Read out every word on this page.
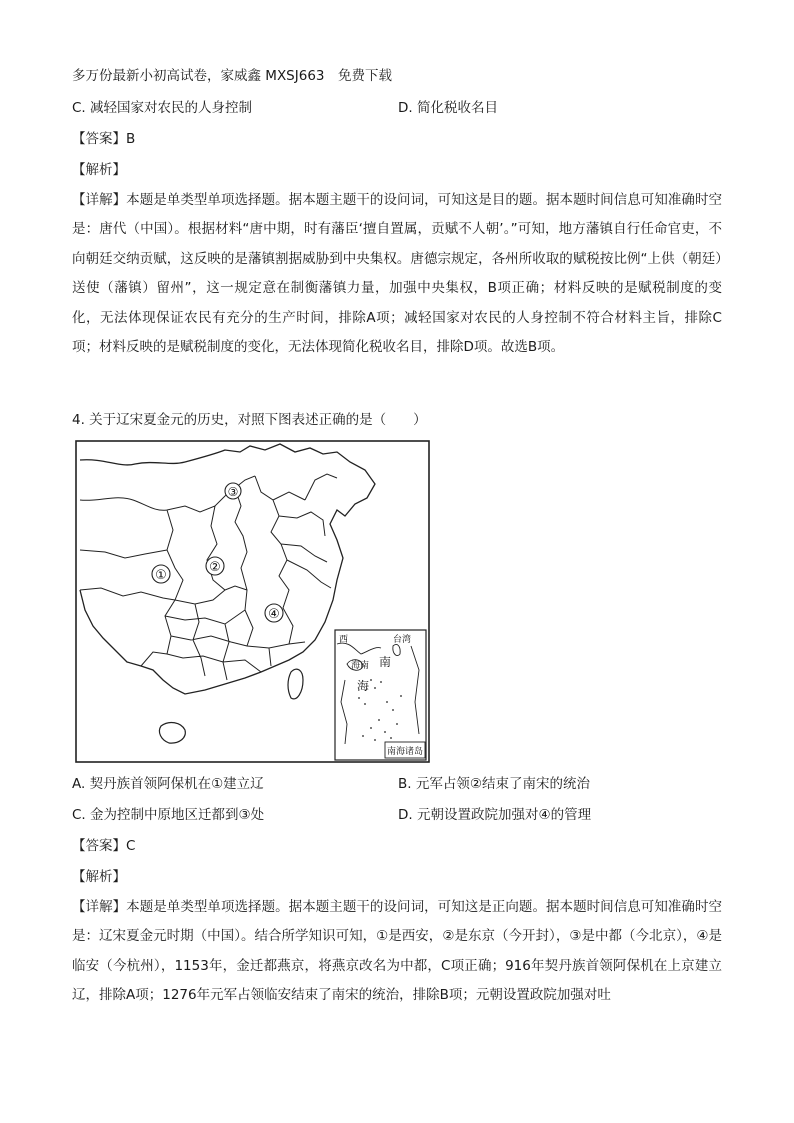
多万份最新小初高试卷，家威鑫 MXSJ663　免费下载
C. 减轻国家对农民的人身控制	D. 简化税收名目
【答案】B
【解析】
【详解】本题是单类型单项选择题。据本题主题干的设问词，可知这是目的题。据本题时间信息可知准确时空是：唐代（中国）。根据材料“唐中期，时有藩臣‘擅自置属，贡赋不人朝’。”可知，地方藩镇自行任命官吏，不向朝廷交纳贡赋，这反映的是藩镇割据威胁到中央集权。唐德宗规定，各州所收取的赋税按比例“上供（朝廷）送使（藩镇）留州”，这一规定意在制衡藩镇力量，加强中央集权，B项正确；材料反映的是赋税制度的变化，无法体现保证农民有充分的生产时间，排除A项；减轻国家对农民的人身控制不符合材料主旨，排除C项；材料反映的是赋税制度的变化，无法体现简化税收名目，排除D项。故选B项。
4. 关于辽宋夏金元的历史，对照下图表述正确的是（　　）
①
②
③
④
西	台湾
海南 南
海
南海诸岛
A. 契丹族首领阿保机在①建立辽	B. 元军占领②结束了南宋的统治
C. 金为控制中原地区迁都到③处	D. 元朝设置政院加强对④的管理
【答案】C
【解析】
【详解】本题是单类型单项选择题。据本题主题干的设问词，可知这是正向题。据本题时间信息可知准确时空是：辽宋夏金元时期（中国）。结合所学知识可知，①是西安，②是东京（今开封），③是中都（今北京），④是临安（今杭州），1153年，金迁都燕京，将燕京改名为中都，C项正确；916年契丹族首领阿保机在上京建立辽，排除A项；1276年元军占领临安结束了南宋的统治，排除B项；元朝设置政院加强对吐
